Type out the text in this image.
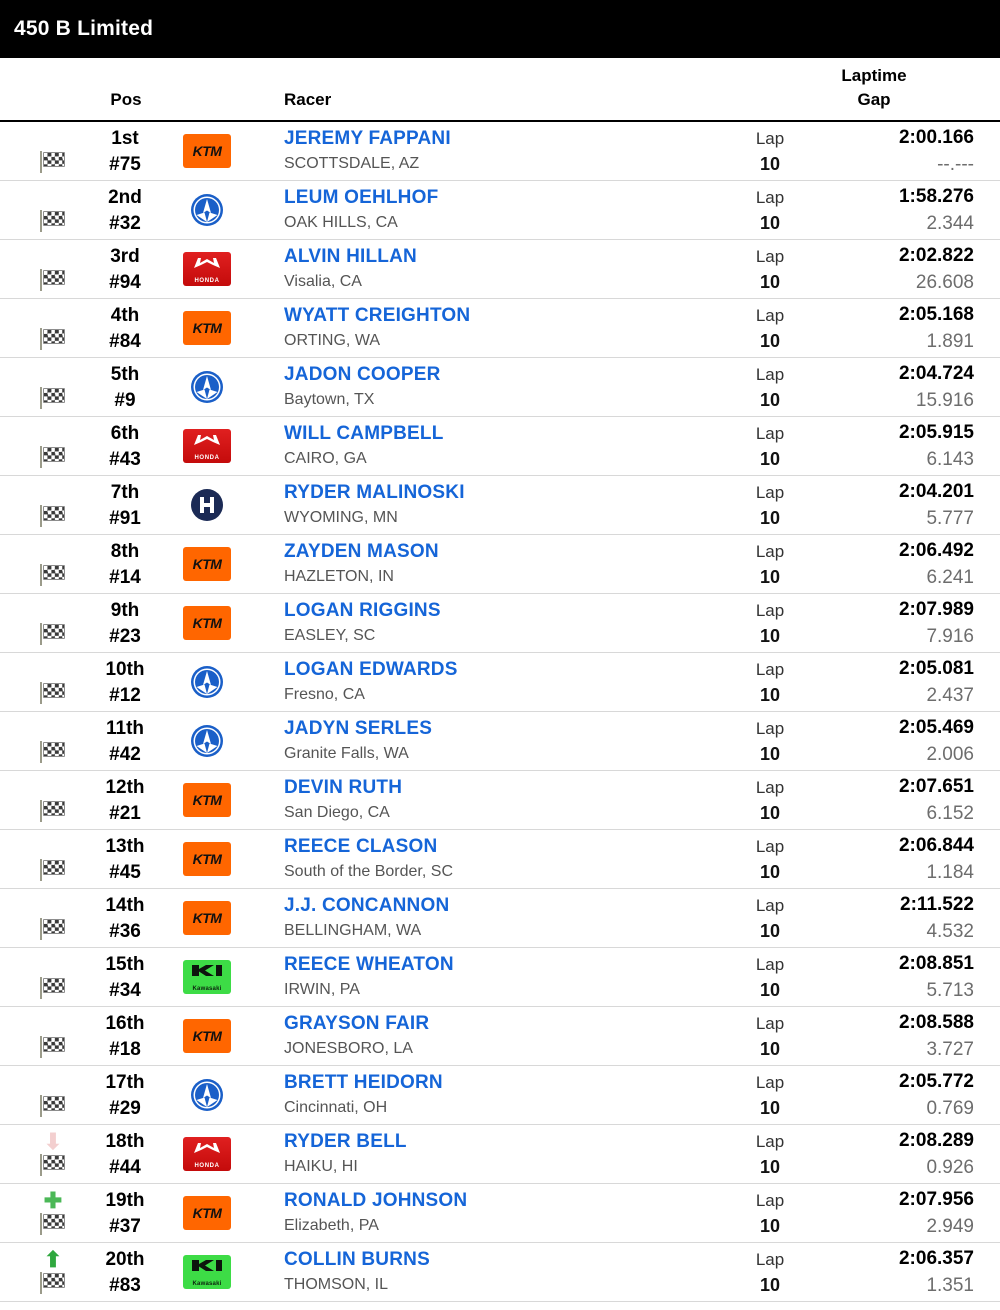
450 B Limited
Pos	Racer
Laptime
Gap
KTM
1st
#75
JEREMY FAPPANI
SCOTTSDALE, AZ
Lap
10
2:00.166
--.---
2nd
#32
LEUM OEHLHOF
OAK HILLS, CA
Lap
10
1:58.276
2.344
HONDA
3rd
#94
ALVIN HILLAN
Visalia, CA
Lap
10
2:02.822
26.608
KTM
4th
#84
WYATT CREIGHTON
ORTING, WA
Lap
10
2:05.168
1.891
5th
#9
JADON COOPER
Baytown, TX
Lap
10
2:04.724
15.916
HONDA
6th
#43
WILL CAMPBELL
CAIRO, GA
Lap
10
2:05.915
6.143
7th
#91
RYDER MALINOSKI
WYOMING, MN
Lap
10
2:04.201
5.777
KTM
8th
#14
ZAYDEN MASON
HAZLETON, IN
Lap
10
2:06.492
6.241
KTM
9th
#23
LOGAN RIGGINS
EASLEY, SC
Lap
10
2:07.989
7.916
10th
#12
LOGAN EDWARDS
Fresno, CA
Lap
10
2:05.081
2.437
11th
#42
JADYN SERLES
Granite Falls, WA
Lap
10
2:05.469
2.006
KTM
12th
#21
DEVIN RUTH
San Diego, CA
Lap
10
2:07.651
6.152
KTM
13th
#45
REECE CLASON
South of the Border, SC
Lap
10
2:06.844
1.184
KTM
14th
#36
J.J. CONCANNON
BELLINGHAM, WA
Lap
10
2:11.522
4.532
Kawasaki
15th
#34
REECE WHEATON
IRWIN, PA
Lap
10
2:08.851
5.713
KTM
16th
#18
GRAYSON FAIR
JONESBORO, LA
Lap
10
2:08.588
3.727
17th
#29
BRETT HEIDORN
Cincinnati, OH
Lap
10
2:05.772
0.769
⬇
HONDA
18th
#44
RYDER BELL
HAIKU, HI
Lap
10
2:08.289
0.926
✚	KTM
19th
#37
RONALD JOHNSON
Elizabeth, PA
Lap
10
2:07.956
2.949
⬆
Kawasaki
20th
#83
COLLIN BURNS
THOMSON, IL
Lap
10
2:06.357
1.351
